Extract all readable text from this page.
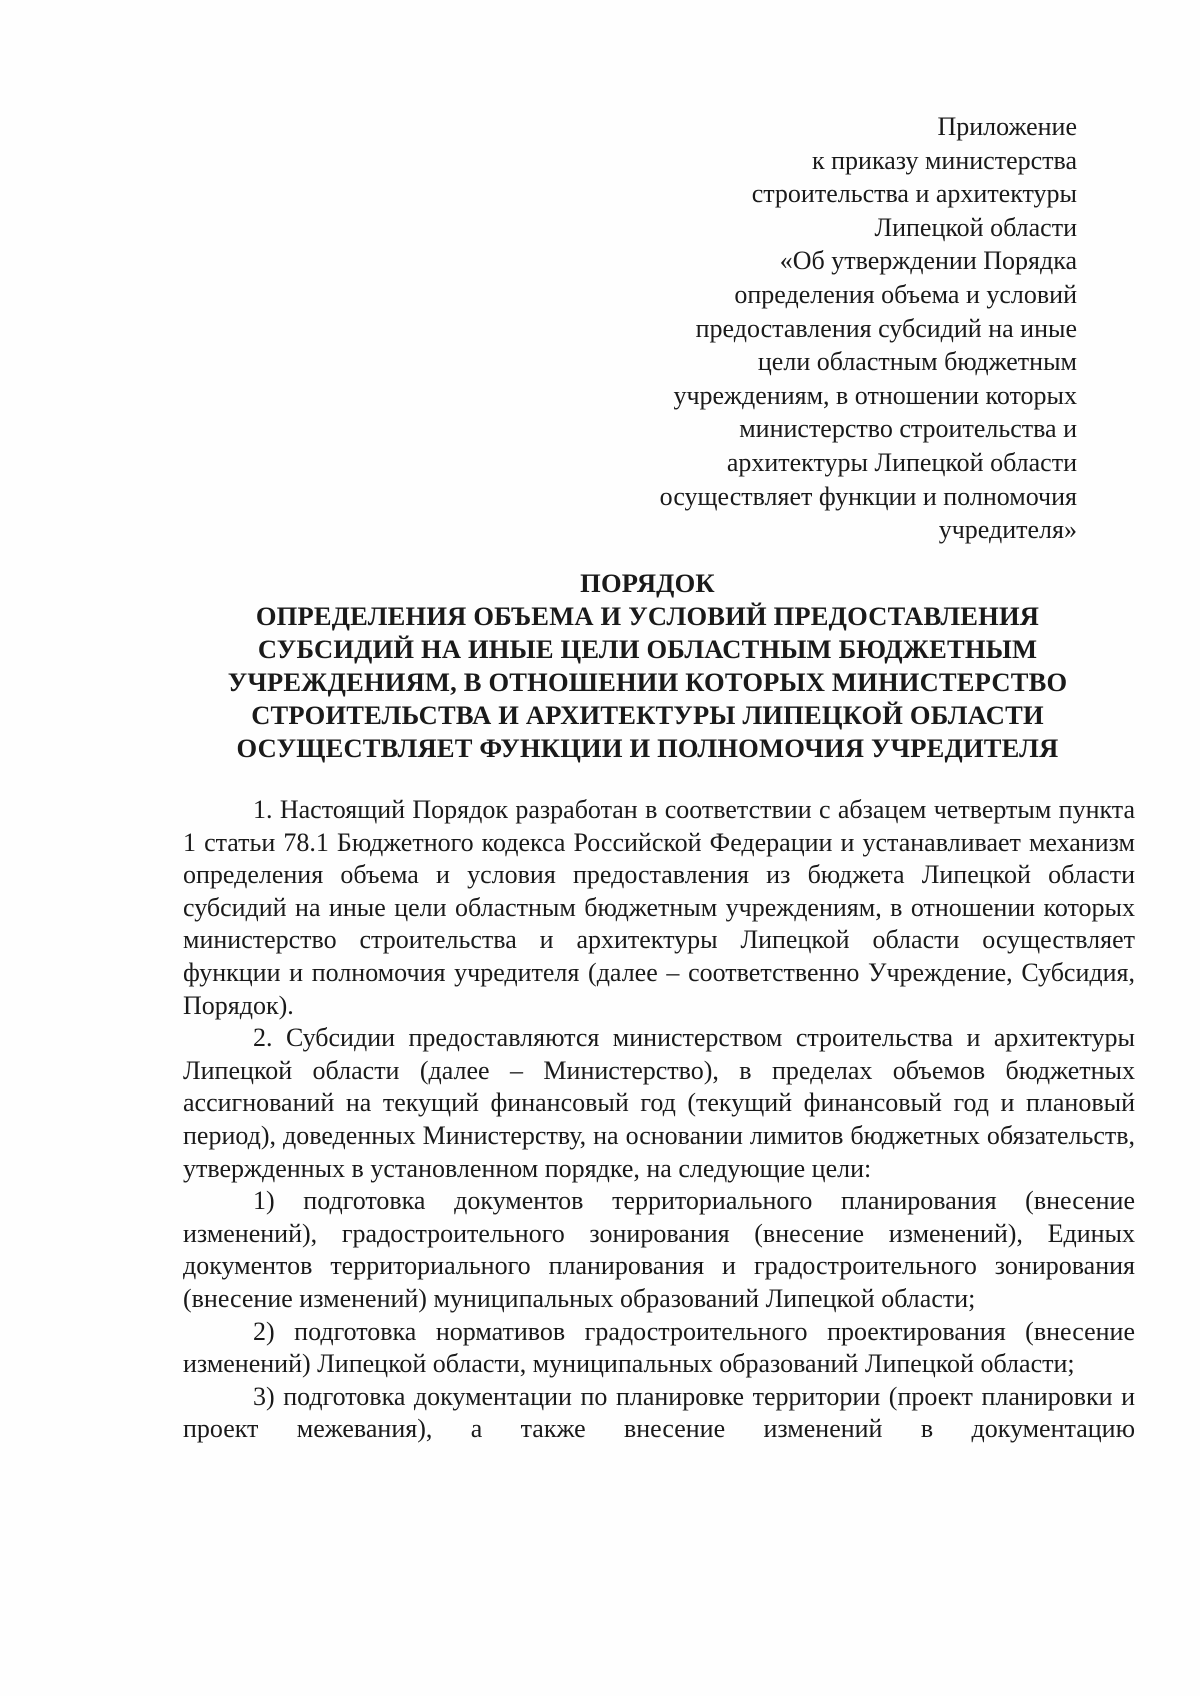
Приложение
к приказу министерства
строительства и архитектуры
Липецкой области
«Об утверждении Порядка
определения объема и условий
предоставления субсидий на иные
цели областным бюджетным
учреждениям, в отношении которых
министерство строительства и
архитектуры Липецкой области
осуществляет функции и полномочия
учредителя»
ПОРЯДОК
ОПРЕДЕЛЕНИЯ ОБЪЕМА И УСЛОВИЙ ПРЕДОСТАВЛЕНИЯ
СУБСИДИЙ НА ИНЫЕ ЦЕЛИ ОБЛАСТНЫМ БЮДЖЕТНЫМ
УЧРЕЖДЕНИЯМ, В ОТНОШЕНИИ КОТОРЫХ МИНИСТЕРСТВО
СТРОИТЕЛЬСТВА И АРХИТЕКТУРЫ ЛИПЕЦКОЙ ОБЛАСТИ
ОСУЩЕСТВЛЯЕТ ФУНКЦИИ И ПОЛНОМОЧИЯ УЧРЕДИТЕЛЯ

1. Настоящий Порядок разработан в соответствии с абзацем четвертым пункта 1 статьи 78.1 Бюджетного кодекса Российской Федерации и устанавливает механизм определения объема и условия предоставления из бюджета Липецкой области субсидий на иные цели областным бюджетным учреждениям, в отношении которых министерство строительства и архитектуры Липецкой области осуществляет функции и полномочия учредителя (далее – соответственно Учреждение, Субсидия, Порядок).

2. Субсидии предоставляются министерством строительства и архитектуры Липецкой области (далее – Министерство), в пределах объемов бюджетных ассигнований на текущий финансовый год (текущий финансовый год и плановый период), доведенных Министерству, на основании лимитов бюджетных обязательств, утвержденных в установленном порядке, на следующие цели:

1) подготовка документов территориального планирования (внесение изменений), градостроительного зонирования (внесение изменений), Единых документов территориального планирования и градостроительного зонирования (внесение изменений) муниципальных образований Липецкой области;

2) подготовка нормативов градостроительного проектирования (внесение изменений) Липецкой области, муниципальных образований Липецкой области;

3) подготовка документации по планировке территории (проект планировки и проект межевания), а также внесение изменений в документацию
